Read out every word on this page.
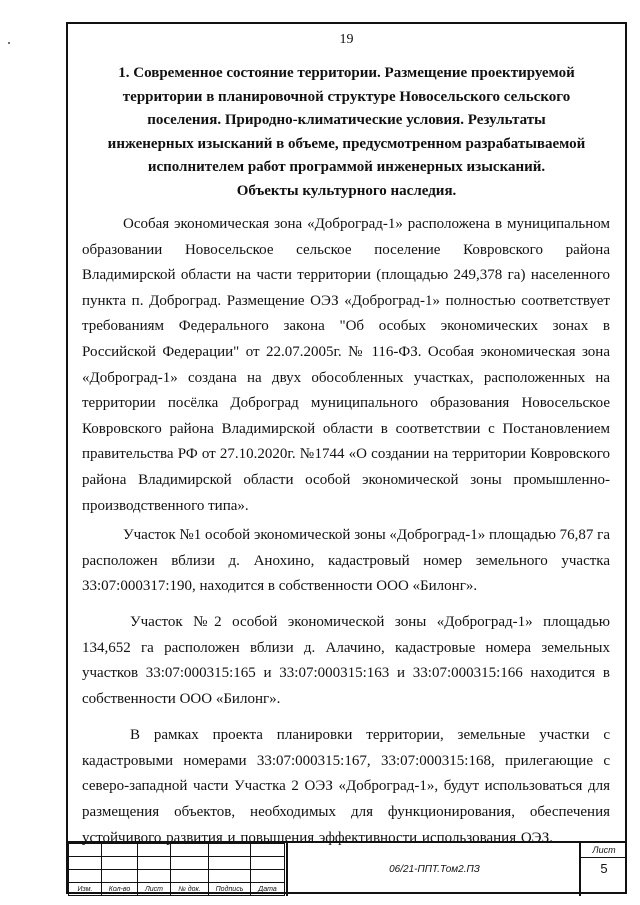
19
1. Современное состояние территории. Размещение проектируемой
территории в планировочной структуре Новосельского сельского
поселения. Природно-климатические условия. Результаты
инженерных изысканий в объеме, предусмотренном разрабатываемой
исполнителем работ программой инженерных изысканий.
Объекты культурного наследия.
Особая экономическая зона «Доброград-1» расположена в муниципальном образовании Новосельское сельское поселение Ковровского района Владимирской области на части территории (площадью 249,378 га) населенного пункта п. Доброград. Размещение ОЭЗ «Доброград-1» полностью соответствует требованиям Федерального закона "Об особых экономических зонах в Российской Федерации" от 22.07.2005г. № 116-ФЗ. Особая экономическая зона «Доброград-1» создана на двух обособленных участках, расположенных на территории посёлка Доброград муниципального образования Новосельское Ковровского района Владимирской области в соответствии с Постановлением правительства РФ от 27.10.2020г. №1744 «О создании на территории Ковровского района Владимирской области особой экономической зоны промышленно-производственного типа».
Участок №1 особой экономической зоны «Доброград-1» площадью 76,87 га расположен вблизи д. Анохино, кадастровый номер земельного участка 33:07:000317:190, находится в собственности ООО «Билонг».
Участок №2 особой экономической зоны «Доброград-1» площадью 134,652 га расположен вблизи д. Алачино, кадастровые номера земельных участков 33:07:000315:165 и 33:07:000315:163 и 33:07:000315:166 находится в собственности ООО «Билонг».
В рамках проекта планировки территории, земельные участки с кадастровыми номерами 33:07:000315:167, 33:07:000315:168, прилегающие с северо-западной части Участка 2 ОЭЗ «Доброград-1», будут использоваться для размещения объектов, необходимых для функционирования, обеспечения устойчивого развития и повышения эффективности использования ОЭЗ.

Изм.	Кол-во	Лист	№ док.	Подпись	Дата
06/21-ППТ.Том2.ПЗ
Лист
5
